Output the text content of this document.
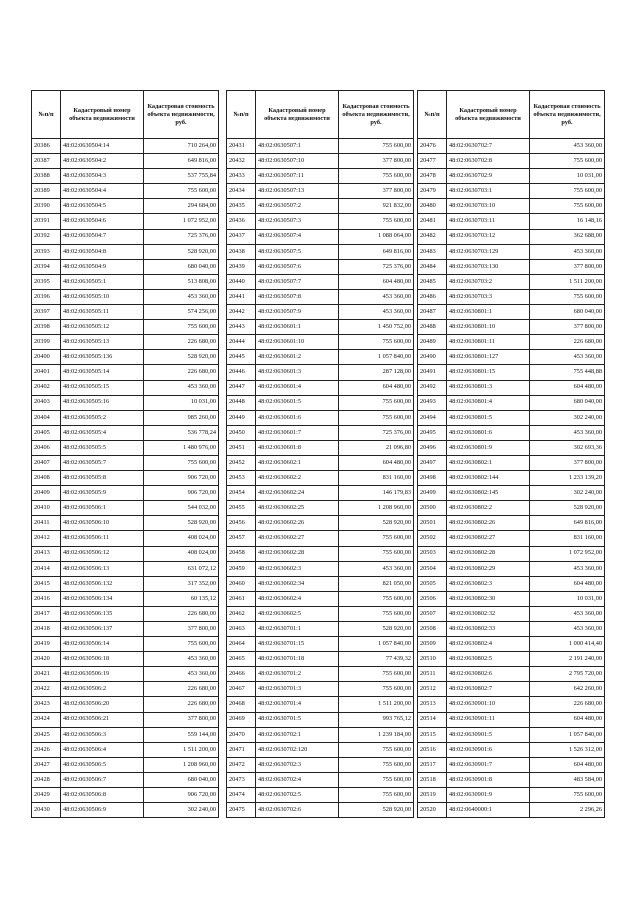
№п/п	Кадастровый номер объекта недвижимости	Кадастровая стоимость объекта недвижимости, руб.
20386	48:02:0630504:14	710 264,00
20387	48:02:0630504:2	649 816,00
20388	48:02:0630504:3	537 755,84
20389	48:02:0630504:4	755 600,00
20390	48:02:0630504:5	294 684,00
20391	48:02:0630504:6	1 072 952,00
20392	48:02:0630504:7	725 376,00
20393	48:02:0630504:8	528 920,00
20394	48:02:0630504:9	680 040,00
20395	48:02:0630505:1	513 808,00
20396	48:02:0630505:10	453 360,00
20397	48:02:0630505:11	574 256,00
20398	48:02:0630505:12	755 600,00
20399	48:02:0630505:13	226 680,00
20400	48:02:0630505:136	528 920,00
20401	48:02:0630505:14	226 680,00
20402	48:02:0630505:15	453 360,00
20403	48:02:0630505:16	10 031,00
20404	48:02:0630505:2	985 260,00
20405	48:02:0630505:4	536 778,24
20406	48:02:0630505:5	1 480 976,00
20407	48:02:0630505:7	755 600,00
20408	48:02:0630505:8	906 720,00
20409	48:02:0630505:9	906 720,00
20410	48:02:0630506:1	544 032,00
20411	48:02:0630506:10	528 920,00
20412	48:02:0630506:11	408 024,00
20413	48:02:0630506:12	408 024,00
20414	48:02:0630506:13	631 072,12
20415	48:02:0630506:132	317 352,00
20416	48:02:0630506:134	60 135,12
20417	48:02:0630506:135	226 680,00
20418	48:02:0630506:137	377 800,00
20419	48:02:0630506:14	755 600,00
20420	48:02:0630506:18	453 360,00
20421	48:02:0630506:19	453 360,00
20422	48:02:0630506:2	226 680,00
20423	48:02:0630506:20	226 680,00
20424	48:02:0630506:21	377 800,00
20425	48:02:0630506:3	559 144,00
20426	48:02:0630506:4	1 511 200,00
20427	48:02:0630506:5	1 208 960,00
20428	48:02:0630506:7	680 040,00
20429	48:02:0630506:8	906 720,00
20430	48:02:0630506:9	302 240,00
№п/п	Кадастровый номер объекта недвижимости	Кадастровая стоимость объекта недвижимости, руб.
20431	48:02:0630507:1	755 600,00
20432	48:02:0630507:10	377 800,00
20433	48:02:0630507:11	755 600,00
20434	48:02:0630507:13	377 800,00
20435	48:02:0630507:2	921 832,00
20436	48:02:0630507:3	755 600,00
20437	48:02:0630507:4	1 088 064,00
20438	48:02:0630507:5	649 816,00
20439	48:02:0630507:6	725 376,00
20440	48:02:0630507:7	604 480,00
20441	48:02:0630507:8	453 360,00
20442	48:02:0630507:9	453 360,00
20443	48:02:0630601:1	1 450 752,00
20444	48:02:0630601:10	755 600,00
20445	48:02:0630601:2	1 057 840,00
20446	48:02:0630601:3	287 128,00
20447	48:02:0630601:4	604 480,00
20448	48:02:0630601:5	755 600,00
20449	48:02:0630601:6	755 600,00
20450	48:02:0630601:7	725 376,00
20451	48:02:0630601:8	21 096,80
20452	48:02:0630602:1	604 480,00
20453	48:02:0630602:2	831 160,00
20454	48:02:0630602:24	146 179,83
20455	48:02:0630602:25	1 208 960,00
20456	48:02:0630602:26	528 920,00
20457	48:02:0630602:27	755 600,00
20458	48:02:0630602:28	755 600,00
20459	48:02:0630602:3	453 360,00
20460	48:02:0630602:34	821 050,00
20461	48:02:0630602:4	755 600,00
20462	48:02:0630602:5	755 600,00
20463	48:02:0630701:1	528 920,00
20464	48:02:0630701:15	1 057 840,00
20465	48:02:0630701:18	77 439,32
20466	48:02:0630701:2	755 600,00
20467	48:02:0630701:3	755 600,00
20468	48:02:0630701:4	1 511 200,00
20469	48:02:0630701:5	993 765,12
20470	48:02:0630702:1	1 239 184,00
20471	48:02:0630702:120	755 600,00
20472	48:02:0630702:3	755 600,00
20473	48:02:0630702:4	755 600,00
20474	48:02:0630702:5	755 600,00
20475	48:02:0630702:6	528 920,00
№п/п	Кадастровый номер объекта недвижимости	Кадастровая стоимость объекта недвижимости, руб.
20476	48:02:0630702:7	453 360,00
20477	48:02:0630702:8	755 600,00
20478	48:02:0630702:9	10 031,00
20479	48:02:0630703:1	755 600,00
20480	48:02:0630703:10	755 600,00
20481	48:02:0630703:11	16 148,16
20482	48:02:0630703:12	362 688,00
20483	48:02:0630703:129	453 360,00
20484	48:02:0630703:130	377 800,00
20485	48:02:0630703:2	1 511 200,00
20486	48:02:0630703:3	755 600,00
20487	48:02:0630801:1	680 040,00
20488	48:02:0630801:10	377 800,00
20489	48:02:0630801:11	226 680,00
20490	48:02:0630801:127	453 360,00
20491	48:02:0630801:15	755 448,88
20492	48:02:0630801:3	604 480,00
20493	48:02:0630801:4	680 040,00
20494	48:02:0630801:5	302 240,00
20495	48:02:0630801:6	453 360,00
20496	48:02:0630801:9	302 693,36
20497	48:02:0630802:1	377 800,00
20498	48:02:0630802:144	1 233 139,20
20499	48:02:0630802:145	302 240,00
20500	48:02:0630802:2	528 920,00
20501	48:02:0630802:26	649 816,00
20502	48:02:0630802:27	831 160,00
20503	48:02:0630802:28	1 072 952,00
20504	48:02:0630802:29	453 360,00
20505	48:02:0630802:3	604 480,00
20506	48:02:0630802:30	10 031,00
20507	48:02:0630802:32	453 360,00
20508	48:02:0630802:33	453 360,00
20509	48:02:0630802:4	1 000 414,40
20510	48:02:0630802:5	2 191 240,00
20511	48:02:0630802:6	2 795 720,00
20512	48:02:0630802:7	642 260,00
20513	48:02:0630901:10	226 680,00
20514	48:02:0630901:11	604 480,00
20515	48:02:0630901:5	1 057 840,00
20516	48:02:0630901:6	1 526 312,00
20517	48:02:0630901:7	604 480,00
20518	48:02:0630901:8	483 584,00
20519	48:02:0630901:9	755 600,00
20520	48:02:0640000:1	2 296,26
